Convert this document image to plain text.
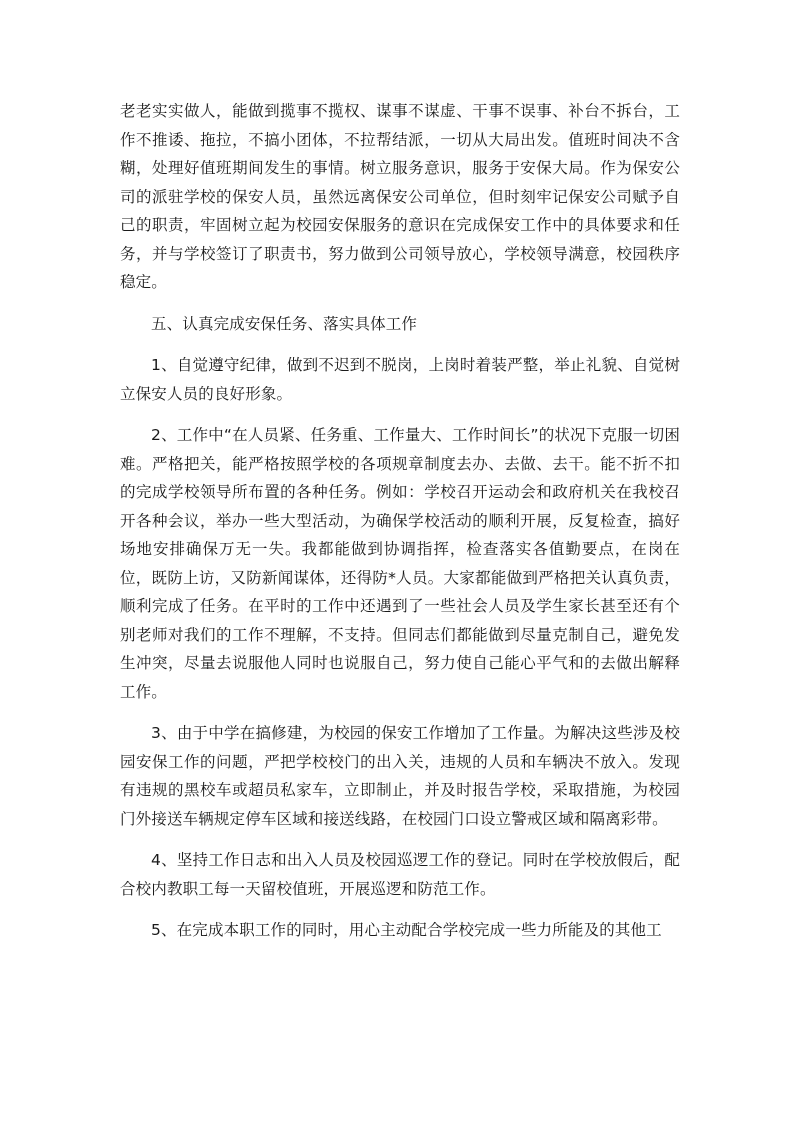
老老实实做人，能做到揽事不揽权、谋事不谋虚、干事不误事、补台不拆台，工作不推诿、拖拉，不搞小团体，不拉帮结派，一切从大局出发。值班时间决不含糊，处理好值班期间发生的事情。树立服务意识，服务于安保大局。作为保安公司的派驻学校的保安人员，虽然远离保安公司单位，但时刻牢记保安公司赋予自己的职责，牢固树立起为校园安保服务的意识在完成保安工作中的具体要求和任务，并与学校签订了职责书，努力做到公司领导放心，学校领导满意，校园秩序稳定。

五、认真完成安保任务、落实具体工作

1、自觉遵守纪律，做到不迟到不脱岗，上岗时着装严整，举止礼貌、自觉树立保安人员的良好形象。

2、工作中“在人员紧、任务重、工作量大、工作时间长”的状况下克服一切困难。严格把关，能严格按照学校的各项规章制度去办、去做、去干。能不折不扣的完成学校领导所布置的各种任务。例如：学校召开运动会和政府机关在我校召开各种会议，举办一些大型活动，为确保学校活动的顺利开展，反复检查，搞好场地安排确保万无一失。我都能做到协调指挥，检查落实各值勤要点，在岗在位，既防上访，又防新闻谋体，还得防*人员。大家都能做到严格把关认真负责，顺利完成了任务。在平时的工作中还遇到了一些社会人员及学生家长甚至还有个别老师对我们的工作不理解，不支持。但同志们都能做到尽量克制自己，避免发生冲突，尽量去说服他人同时也说服自己，努力使自己能心平气和的去做出解释工作。

3、由于中学在搞修建，为校园的保安工作增加了工作量。为解决这些涉及校园安保工作的问题，严把学校校门的出入关，违规的人员和车辆决不放入。发现有违规的黑校车或超员私家车，立即制止，并及时报告学校，采取措施，为校园门外接送车辆规定停车区域和接送线路，在校园门口设立警戒区域和隔离彩带。

4、坚持工作日志和出入人员及校园巡逻工作的登记。同时在学校放假后，配合校内教职工每一天留校值班，开展巡逻和防范工作。

5、在完成本职工作的同时，用心主动配合学校完成一些力所能及的其他工
